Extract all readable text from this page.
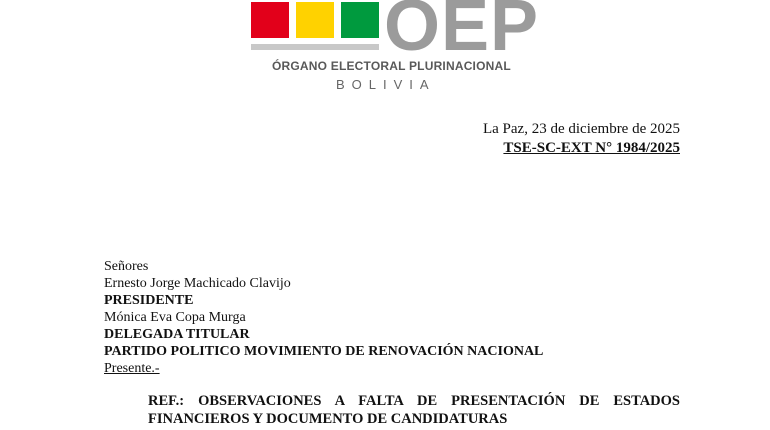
OEP
ÓRGANO ELECTORAL PLURINACIONAL
BOLIVIA
La Paz, 23 de diciembre de 2025
TSE-SC-EXT N° 1984/2025
Señores
Ernesto Jorge Machicado Clavijo
PRESIDENTE
Mónica Eva Copa Murga
DELEGADA TITULAR
PARTIDO POLITICO MOVIMIENTO DE RENOVACIÓN NACIONAL
Presente.-
REF.: OBSERVACIONES A FALTA DE PRESENTACIÓN DE ESTADOS FINANCIEROS Y DOCUMENTO DE CANDIDATURAS
